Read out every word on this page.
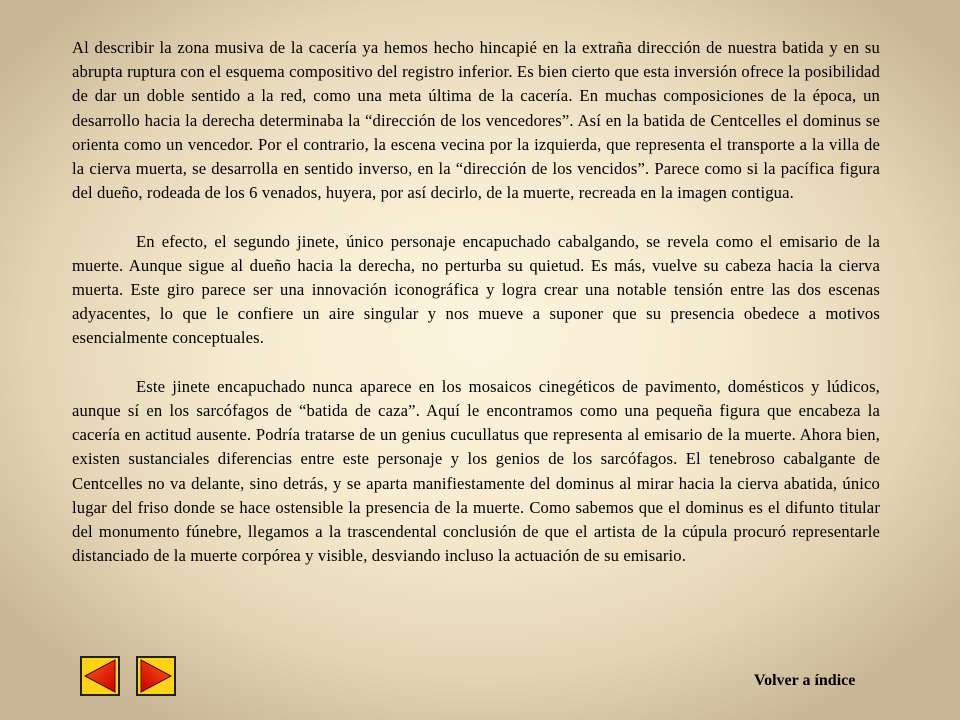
Al describir la zona musiva de la cacería ya hemos hecho hincapié en la extraña dirección de nuestra batida y en su abrupta ruptura con el esquema compositivo del registro inferior. Es bien cierto que esta inversión ofrece la posibilidad de dar un doble sentido a la red, como una meta última de la cacería. En muchas composiciones de la época, un desarrollo hacia la derecha determinaba la “dirección de los vencedores”. Así en la batida de Centcelles el dominus se orienta como un vencedor. Por el contrario, la escena vecina por la izquierda, que representa el transporte a la villa de la cierva muerta, se desarrolla en sentido inverso, en la “dirección de los vencidos”. Parece como si la pacífica figura del dueño, rodeada de los 6 venados, huyera, por así decirlo, de la muerte, recreada en la imagen contigua.

En efecto, el segundo jinete, único personaje encapuchado cabalgando, se revela como el emisario de la muerte. Aunque sigue al dueño hacia la derecha, no perturba su quietud. Es más, vuelve su cabeza hacia la cierva muerta. Este giro parece ser una innovación iconográfica y logra crear una notable tensión entre las dos escenas adyacentes, lo que le confiere un aire singular y nos mueve a suponer que su presencia obedece a motivos esencialmente conceptuales.

Este jinete encapuchado nunca aparece en los mosaicos cinegéticos de pavimento, domésticos y lúdicos, aunque sí en los sarcófagos de “batida de caza”. Aquí le encontramos como una pequeña figura que encabeza la cacería en actitud ausente. Podría tratarse de un genius cucullatus que representa al emisario de la muerte. Ahora bien, existen sustanciales diferencias entre este personaje y los genios de los sarcófagos. El tenebroso cabalgante de Centcelles no va delante, sino detrás, y se aparta manifiestamente del dominus al mirar hacia la cierva abatida, único lugar del friso donde se hace ostensible la presencia de la muerte. Como sabemos que el dominus es el difunto titular del monumento fúnebre, llegamos a la trascendental conclusión de que el artista de la cúpula procuró representarle distanciado de la muerte corpórea y visible, desviando incluso la actuación de su emisario.

Volver a índice
